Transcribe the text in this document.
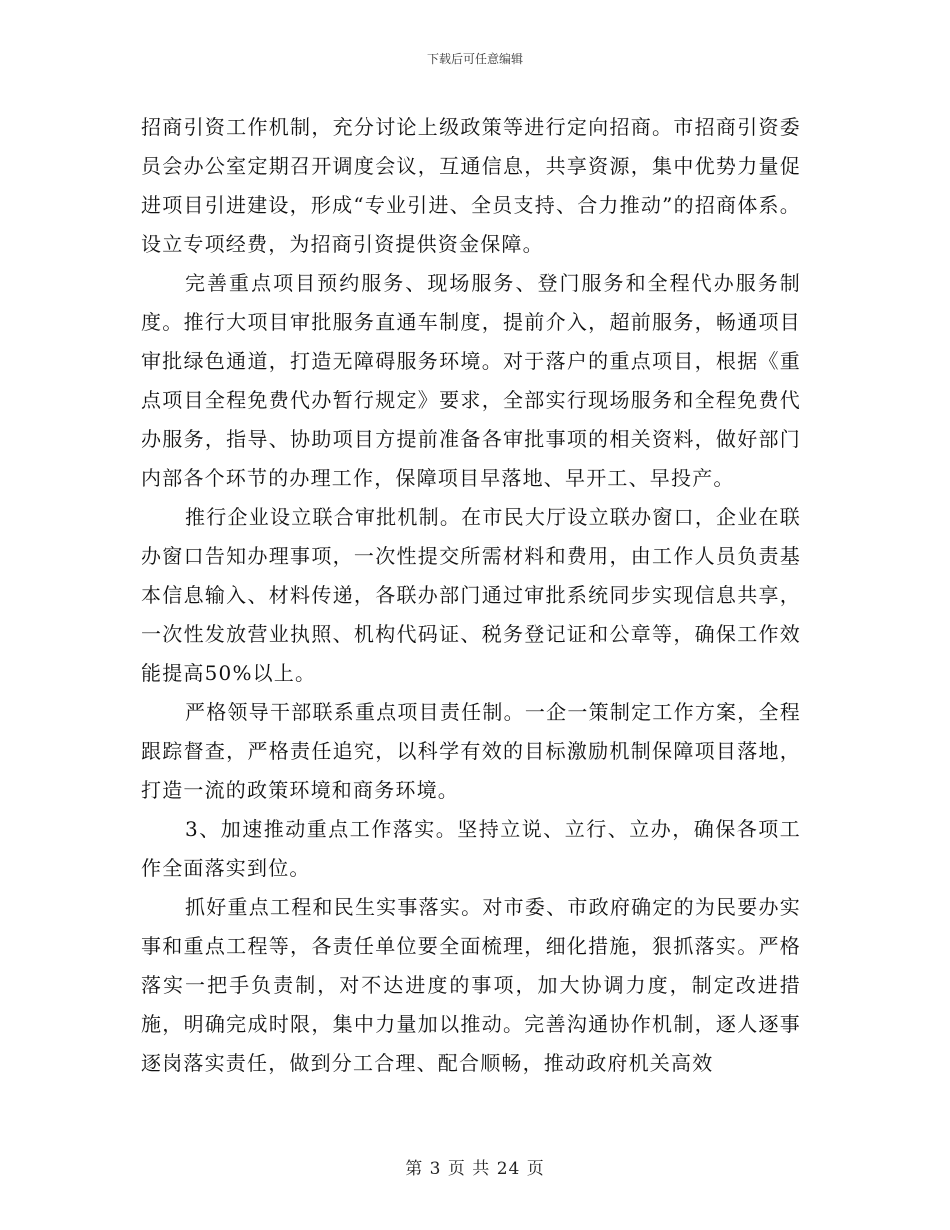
下载后可任意编辑

招商引资工作机制，充分讨论上级政策等进行定向招商。市招商引资委员会办公室定期召开调度会议，互通信息，共享资源，集中优势力量促进项目引进建设，形成“专业引进、全员支持、合力推动”的招商体系。设立专项经费，为招商引资提供资金保障。

完善重点项目预约服务、现场服务、登门服务和全程代办服务制度。推行大项目审批服务直通车制度，提前介入，超前服务，畅通项目审批绿色通道，打造无障碍服务环境。对于落户的重点项目，根据《重点项目全程免费代办暂行规定》要求，全部实行现场服务和全程免费代办服务，指导、协助项目方提前准备各审批事项的相关资料，做好部门内部各个环节的办理工作，保障项目早落地、早开工、早投产。

推行企业设立联合审批机制。在市民大厅设立联办窗口，企业在联办窗口告知办理事项，一次性提交所需材料和费用，由工作人员负责基本信息输入、材料传递，各联办部门通过审批系统同步实现信息共享，一次性发放营业执照、机构代码证、税务登记证和公章等，确保工作效能提高50%以上。

严格领导干部联系重点项目责任制。一企一策制定工作方案，全程跟踪督查，严格责任追究，以科学有效的目标激励机制保障项目落地，打造一流的政策环境和商务环境。

3、加速推动重点工作落实。坚持立说、立行、立办，确保各项工作全面落实到位。

抓好重点工程和民生实事落实。对市委、市政府确定的为民要办实事和重点工程等，各责任单位要全面梳理，细化措施，狠抓落实。严格落实一把手负责制，对不达进度的事项，加大协调力度，制定改进措施，明确完成时限，集中力量加以推动。完善沟通协作机制，逐人逐事逐岗落实责任，做到分工合理、配合顺畅，推动政府机关高效

第 3 页 共 24 页
